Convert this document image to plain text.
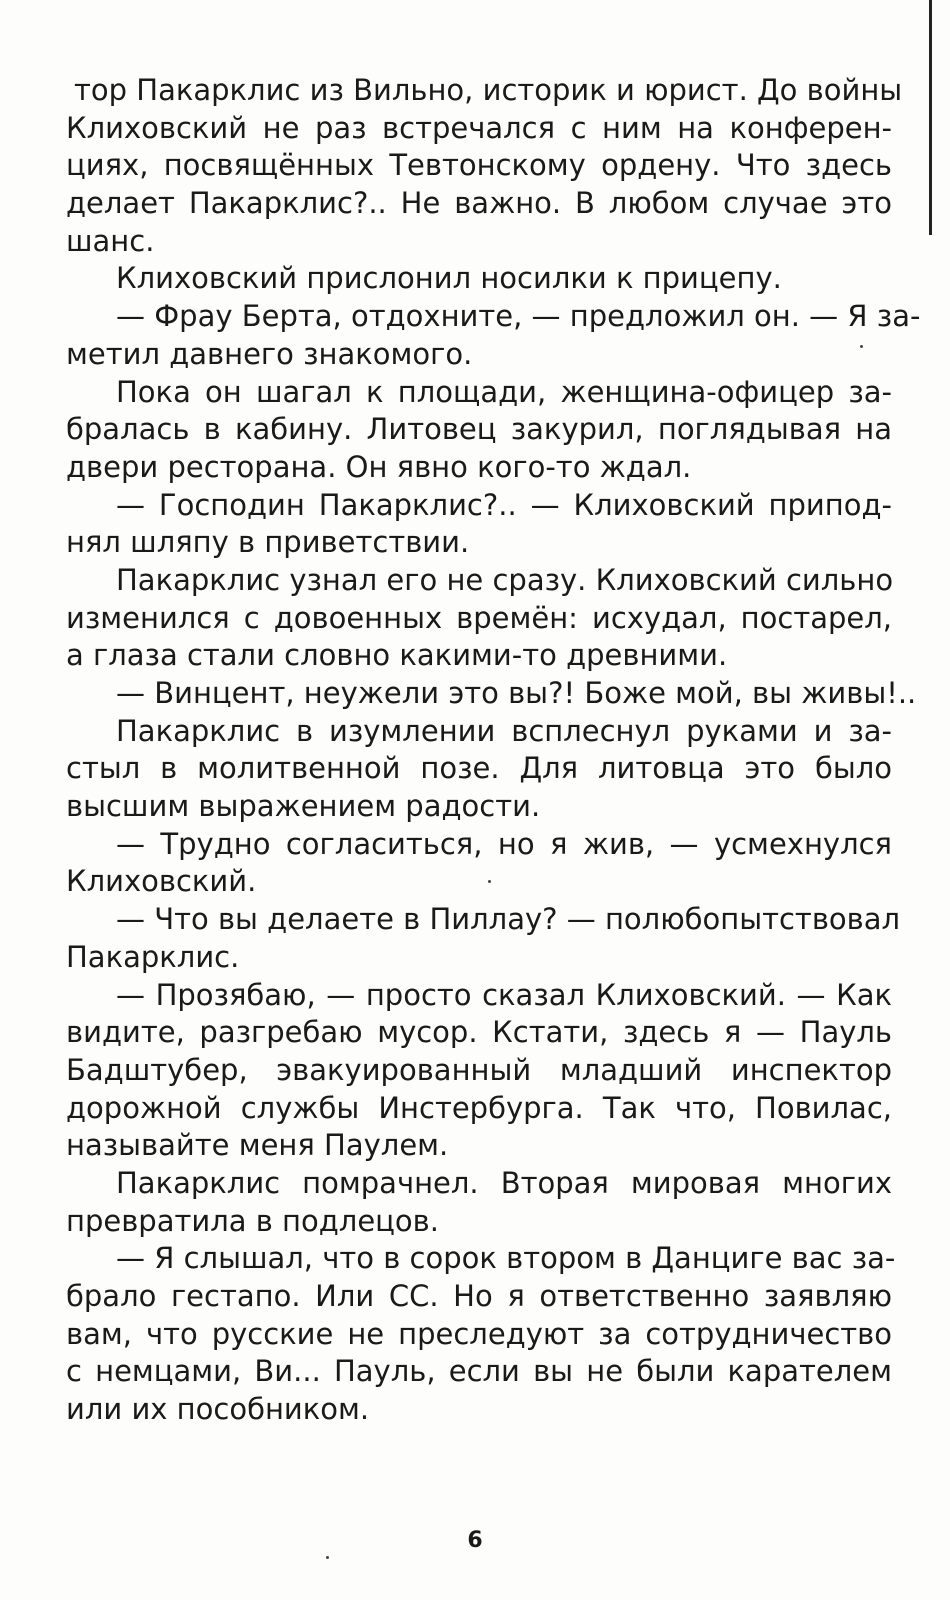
тор Пакарклис из Вильно, историк и юрист. До войны
Клиховский не раз встречался с ним на конферен-
циях, посвящённых Тевтонскому ордену. Что здесь
делает Пакарклис?.. Не важно. В любом случае это
шанс.
Клиховский прислонил носилки к прицепу.
— Фрау Берта, отдохните, — предложил он. — Я за-
метил давнего знакомого.
Пока он шагал к площади, женщина-офицер за-
бралась в кабину. Литовец закурил, поглядывая на
двери ресторана. Он явно кого-то ждал.
— Господин Пакарклис?.. — Клиховский припод-
нял шляпу в приветствии.
Пакарклис узнал его не сразу. Клиховский сильно
изменился с довоенных времён: исхудал, постарел,
а глаза стали словно какими-то древними.
— Винцент, неужели это вы?! Боже мой, вы живы!..
Пакарклис в изумлении всплеснул руками и за-
стыл в молитвенной позе. Для литовца это было
высшим выражением радости.
— Трудно согласиться, но я жив, — усмехнулся
Клиховский.
— Что вы делаете в Пиллау? — полюбопытствовал
Пакарклис.
— Прозябаю, — просто сказал Клиховский. — Как
видите, разгребаю мусор. Кстати, здесь я — Пауль
Бадштубер, эвакуированный младший инспектор
дорожной службы Инстербурга. Так что, Повилас,
называйте меня Паулем.
Пакарклис помрачнел. Вторая мировая многих
превратила в подлецов.
— Я слышал, что в сорок втором в Данциге вас за-
брало гестапо. Или СС. Но я ответственно заявляю
вам, что русские не преследуют за сотрудничество
с немцами, Ви... Пауль, если вы не были карателем
или их пособником.
6
